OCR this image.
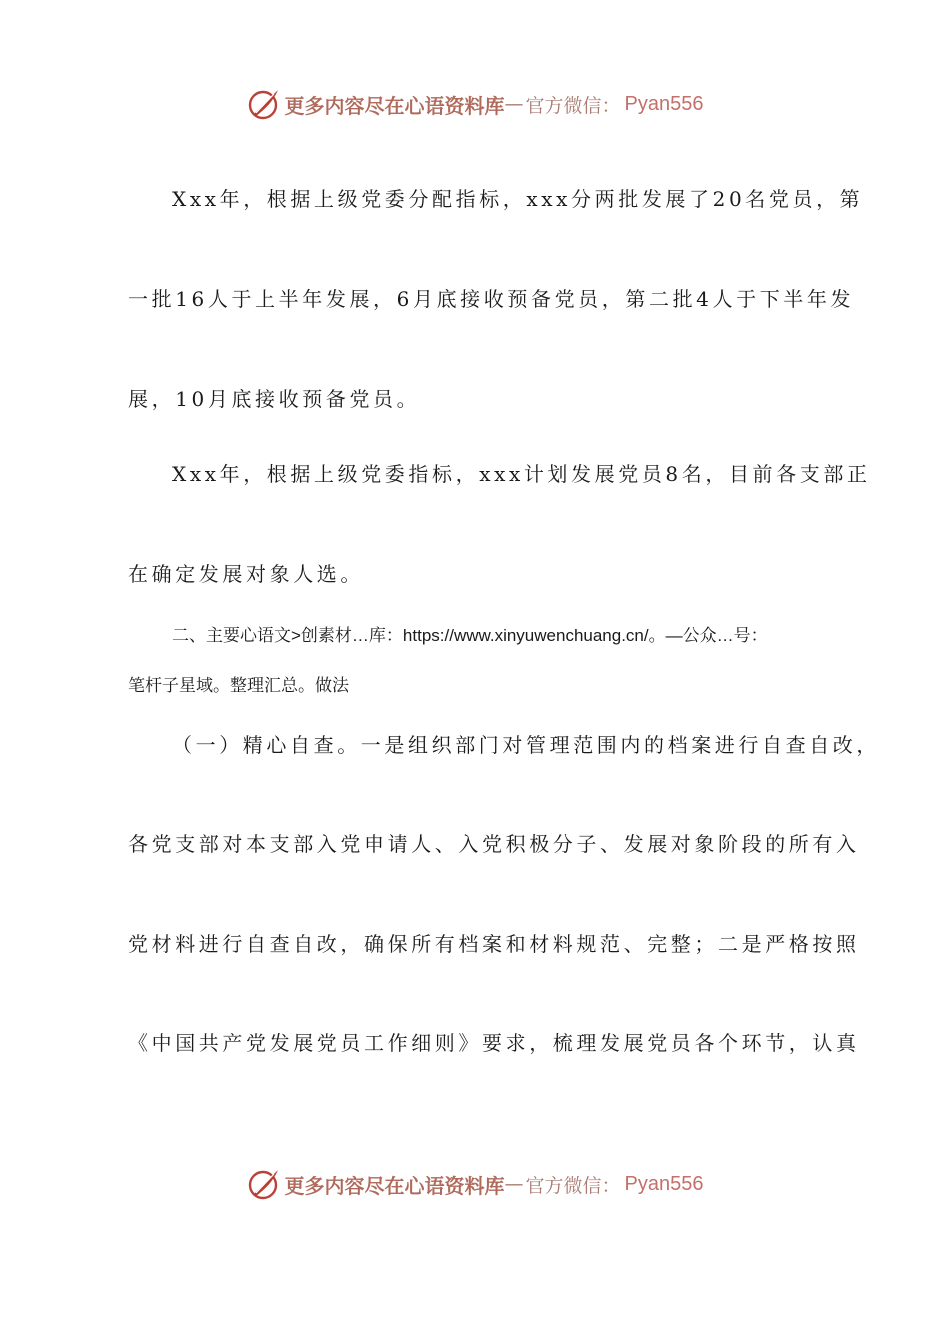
更多内容尽在心语资料库 — 官方微信： Pyan556
Xxx年，根据上级党委分配指标，xxx分两批发展了20名党员，第
一批16人于上半年发展，6月底接收预备党员，第二批4人于下半年发
展，10月底接收预备党员。
Xxx年，根据上级党委指标，xxx计划发展党员8名，目前各支部正
在确定发展对象人选。
二、主要心语文>创素材…库：https://www.xinyuwenchuang.cn/。—公众…号：
笔杆子星域。整理汇总。做法
（一）精心自查。一是组织部门对管理范围内的档案进行自查自改，
各党支部对本支部入党申请人、入党积极分子、发展对象阶段的所有入
党材料进行自查自改，确保所有档案和材料规范、完整；二是严格按照
《中国共产党发展党员工作细则》要求，梳理发展党员各个环节，认真
更多内容尽在心语资料库 — 官方微信： Pyan556
